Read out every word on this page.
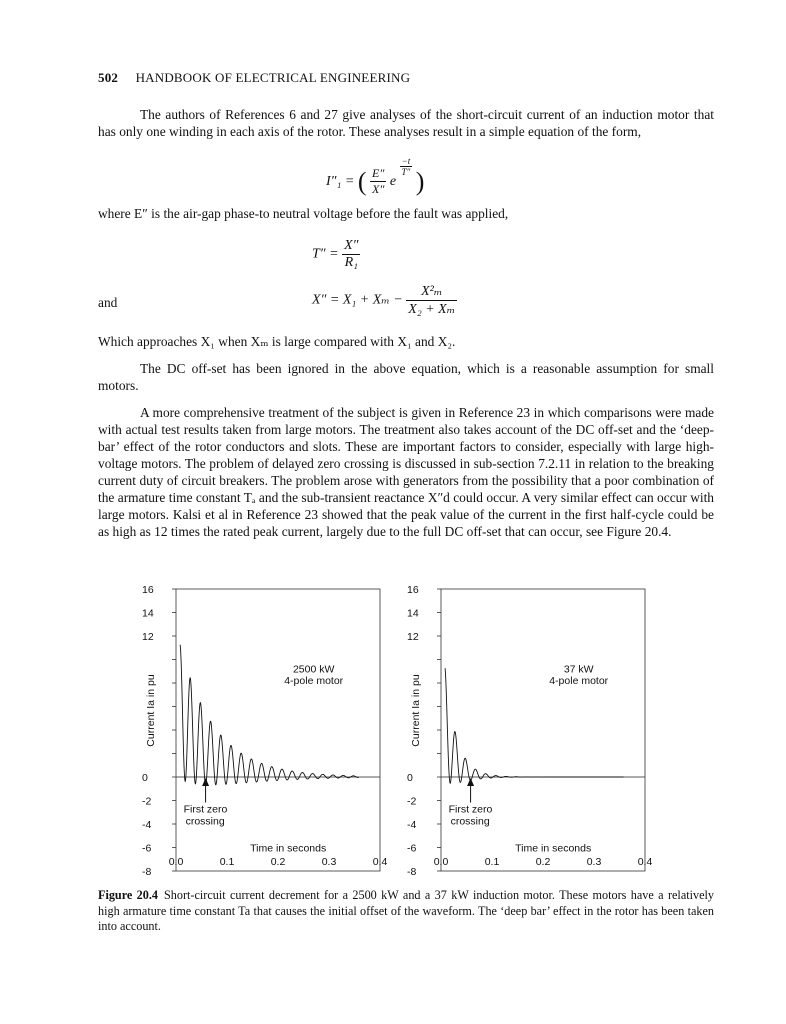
502 HANDBOOK OF ELECTRICAL ENGINEERING
The authors of References 6 and 27 give analyses of the short-circuit current of an induction motor that has only one winding in each axis of the rotor. These analyses result in a simple equation of the form,
I″₁ = ( $\frac{E''}{X''}$ e
$\frac{-t}{T''}$
)
where E″ is the air-gap phase-to neutral voltage before the fault was applied,
$T'' = \frac{X''}{\text{R₁}}$
and	$X'' = X_1 + X_m - \frac{\text{X²ₘ}}{\text{X₂ + Xₘ}}$
Which approaches X₁ when Xₘ is large compared with X₁ and X₂.
The DC off-set has been ignored in the above equation, which is a reasonable assumption for small motors.
A more comprehensive treatment of the subject is given in Reference 23 in which comparisons were made with actual test results taken from large motors. The treatment also takes account of the DC off-set and the ‘deep-bar’ effect of the rotor conductors and slots. These are important factors to consider, especially with large high-voltage motors. The problem of delayed zero crossing is discussed in sub-section 7.2.11 in relation to the breaking current duty of circuit breakers. The problem arose with generators from the possibility that a poor combination of the armature time constant Tₐ and the sub-transient reactance X″d could occur. A very similar effect can occur with large motors. Kalsi et al in Reference 23 showed that the peak value of the current in the first half-cycle could be as high as 12 times the rated peak current, largely due to the full DC off-set that can occur, see Figure 20.4.
16
14
12
0
-2
-4
-6
-8
0.0	0.1	0.2	0.3	0.4
Current Ia in pu
Time in seconds
2500 kW
4-pole motor
First zero
crossing
16
14
12
0
-2
-4
-6
-8
0.0	0.1	0.2	0.3	0.4
Current Ia in pu
Time in seconds
37 kW
4-pole motor
First zero
crossing
Figure 20.4 Short-circuit current decrement for a 2500 kW and a 37 kW induction motor. These motors have a relatively high armature time constant Ta that causes the initial offset of the waveform. The ‘deep bar’ effect in the rotor has been taken into account.
